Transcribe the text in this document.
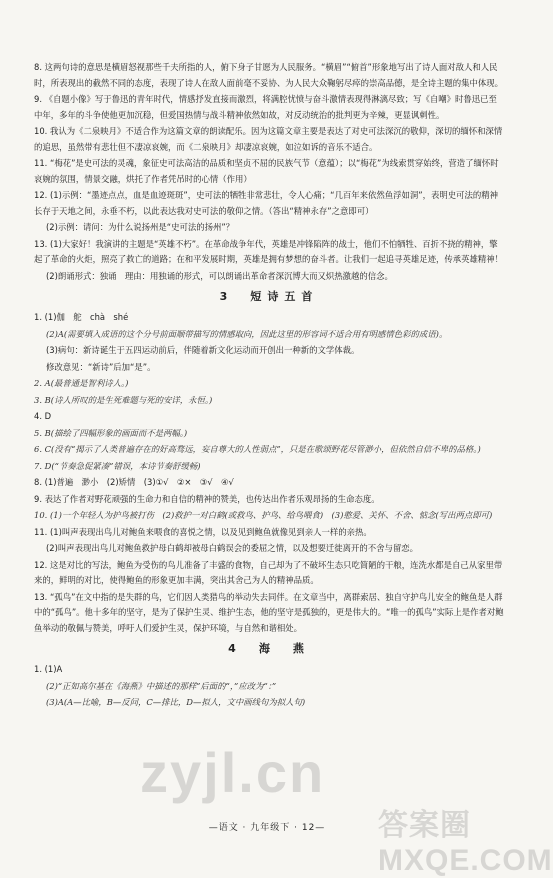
8. 这两句诗的意思是横眉怒视那些千夫所指的人，俯下身子甘愿为人民服务。“横眉”“俯首”形象地写出了诗人面对敌人和人民时，所表现出的截然不同的态度，表现了诗人在敌人面前毫不妥协、为人民大众鞠躬尽瘁的崇高品德，是全诗主题的集中体现。

9. 《自题小像》写于鲁迅的青年时代，情感抒发直接而激烈，将满腔忧愤与奋斗激情表现得淋漓尽致；写《自嘲》时鲁迅已至中年，多年的斗争使他更加沉稳，但爱国热情与战斗精神依然如故，对反动统治的批判更为辛辣，更显讽刺性。

10. 我认为《二泉映月》不适合作为这篇文章的朗读配乐。因为这篇文章主要是表达了对史可法深沉的敬仰，深切的缅怀和深情的追思，虽然带有悲壮但不凄凉哀婉，而《二泉映月》却凄凉哀婉，如泣如诉的音乐不适合。

11. “梅花”是史可法的灵魂，象征史可法高洁的品质和坚贞不屈的民族气节（意蕴）；以“梅花”为线索贯穿始终，营造了缅怀时哀婉的氛围，情景交融，烘托了作者凭吊时的心情（作用）

12. (1)示例：“墨迹点点，血是血迹斑斑”，史可法的牺牲非常悲壮，令人心痛；“几百年来依然鱼浮如洞”，表明史可法的精神长存于天地之间，永垂不朽，以此表达我对史可法的敬仰之情。（答出“精神永存”之意即可）

(2)示例：请问：为什么说扬州是“史可法的扬州”？

13. (1)大家好！我演讲的主题是“英雄不朽”。在革命战争年代，英雄是冲锋陷阵的战士，他们不怕牺牲、百折不挠的精神，擎起了革命的火炬，照亮了救亡的道路；在和平发展时期，英雄是拥有梦想的奋斗者。让我们一起追寻英雄足迹，传承英雄精神！

(2)朗诵形式：独诵　理由：用独诵的形式，可以朗诵出革命者深沉博大而又炽热激越的信念。

3　短诗五首

1. (1)伽　舵　chà　shé

(2)A(需要填入成语的这个分号前面顺带描写的情感取向，因此这里的形容词不适合用有明感情色彩的成语)。

(3)病句：新诗诞生于五四运动前后，伴随着新文化运动而开创出一种新的文学体裁。

修改意见：“新诗”后加“是”。

2. A(最普通是智利诗人。)

3. B(诗人所叹的是生死难题与死的安详，永恒。)

4. D

5. B(描绘了四幅形象的画面而不是两幅。)

6. C(没有“揭示了人类普遍存在的好高骛远，妄自尊大的人性弱点”，只是在歌颂野花尽管渺小，但依然自信不卑的品格。)

7. D(“节奏急促紧凑”错误，本诗节奏舒缓畅)

8. (1)普遍　渺小　(2)矫情　(3)①√　②×　③√　④√

9. 表达了作者对野花顽强的生命力和自信的精神的赞美，也传达出作者乐观昂扬的生命态度。

10. (1)一个年轻人为护鸟被打伤　(2)救护一对白鹤(或救鸟、护鸟、给鸟喂食)　(3)憨爱、关怀、不舍、惦念(写出两点即可)

11. (1)叫声表现出鸟儿对鲍鱼来喂食的喜悦之情，以及见到鲍鱼就像见到亲人一样的亲热。

(2)叫声表现出鸟儿对鲍鱼救护母白鹤却被母白鹤误会的委屈之情，以及想要迁徙离开的不舍与留恋。

12. 这是对比的写法，鲍鱼为受伤的鸟儿准备了丰盛的食物，自己却为了不破坏生态只吃简陋的干粮，连洗水都是自己从家里带来的，鲜明的对比，使得鲍鱼的形象更加丰满，突出其舍己为人的精神品质。

13. “孤鸟”在文中指的是失群的鸟，它们因人类猎鸟的举动失去同伴。在文章当中，离群索居、独自守护鸟儿安全的鲍鱼是人群中的“孤鸟”。他十多年的坚守，是为了保护生灵、维护生态，他的坚守是孤独的，更是伟大的。“唯一的孤鸟”实际上是作者对鲍鱼举动的敬佩与赞美，呼吁人们爱护生灵，保护环境，与自然和谐相处。

4　海　燕

1. (1)A

(2)“正如高尔基在《海燕》中描述的那样”后面的“，”应改为“：”

(3)A(A—比喻，B—反问，C—排比，D—拟人，文中画线句为拟人句)

—语文 · 九年级下 · 12—
zyjl.cn
答案圈 MXQE.COM
